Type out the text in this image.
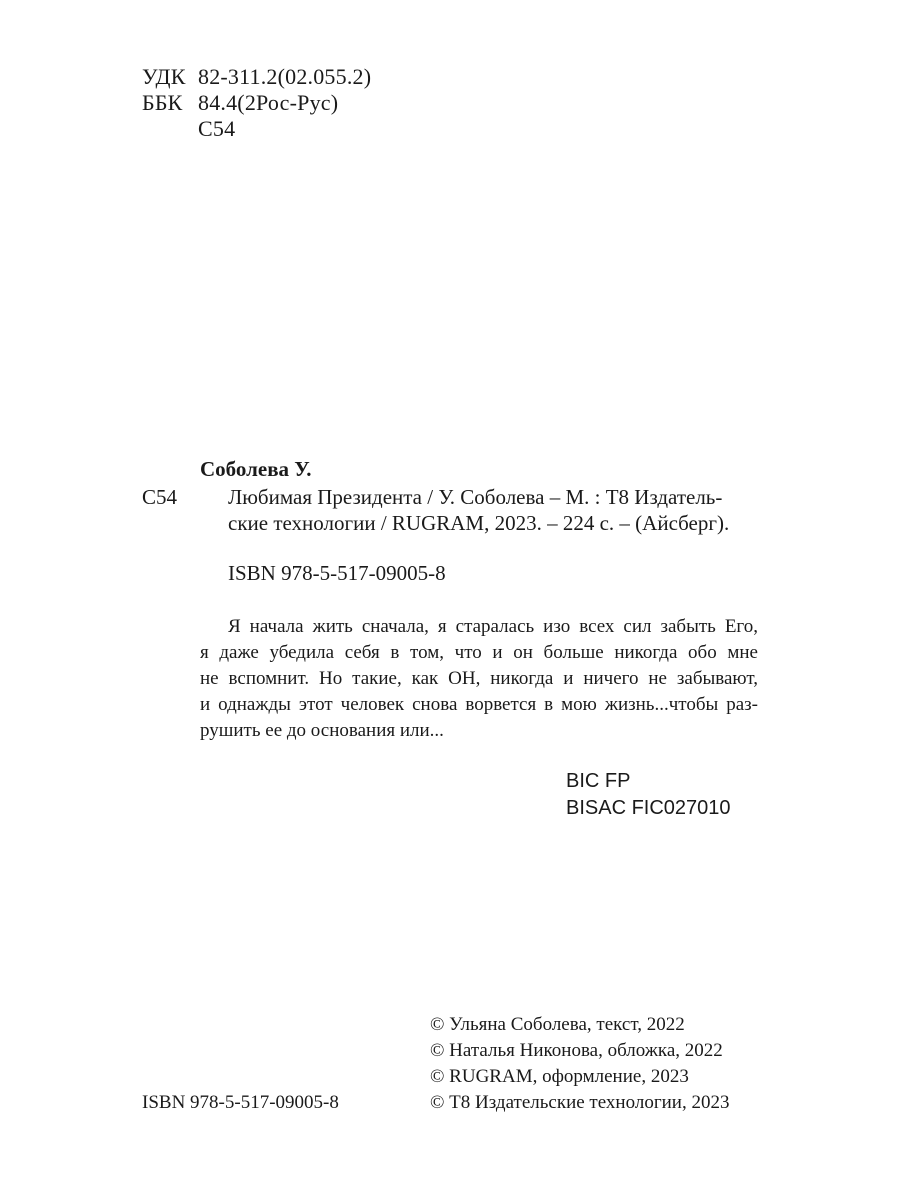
УДК 82-311.2(02.055.2)
ББК 84.4(2Рос-Рус)
С54
Соболева У.
С54 Любимая Президента / У. Соболева – М. : Т8 Издатель-
ские технологии / RUGRAM, 2023. – 224 с. – (Айсберг).
ISBN 978-5-517-09005-8
Я начала жить сначала, я старалась изо всех сил забыть Его,
я даже убедила себя в том, что и он больше никогда обо мне
не вспомнит. Но такие, как ОН, никогда и ничего не забывают,
и однажды этот человек снова ворвется в мою жизнь...чтобы раз-
рушить ее до основания или...
BIC FP
BISAC FIC027010
© Ульяна Соболева, текст, 2022
© Наталья Никонова, обложка, 2022
© RUGRAM, оформление, 2023
© Т8 Издательские технологии, 2023
ISBN 978-5-517-09005-8
